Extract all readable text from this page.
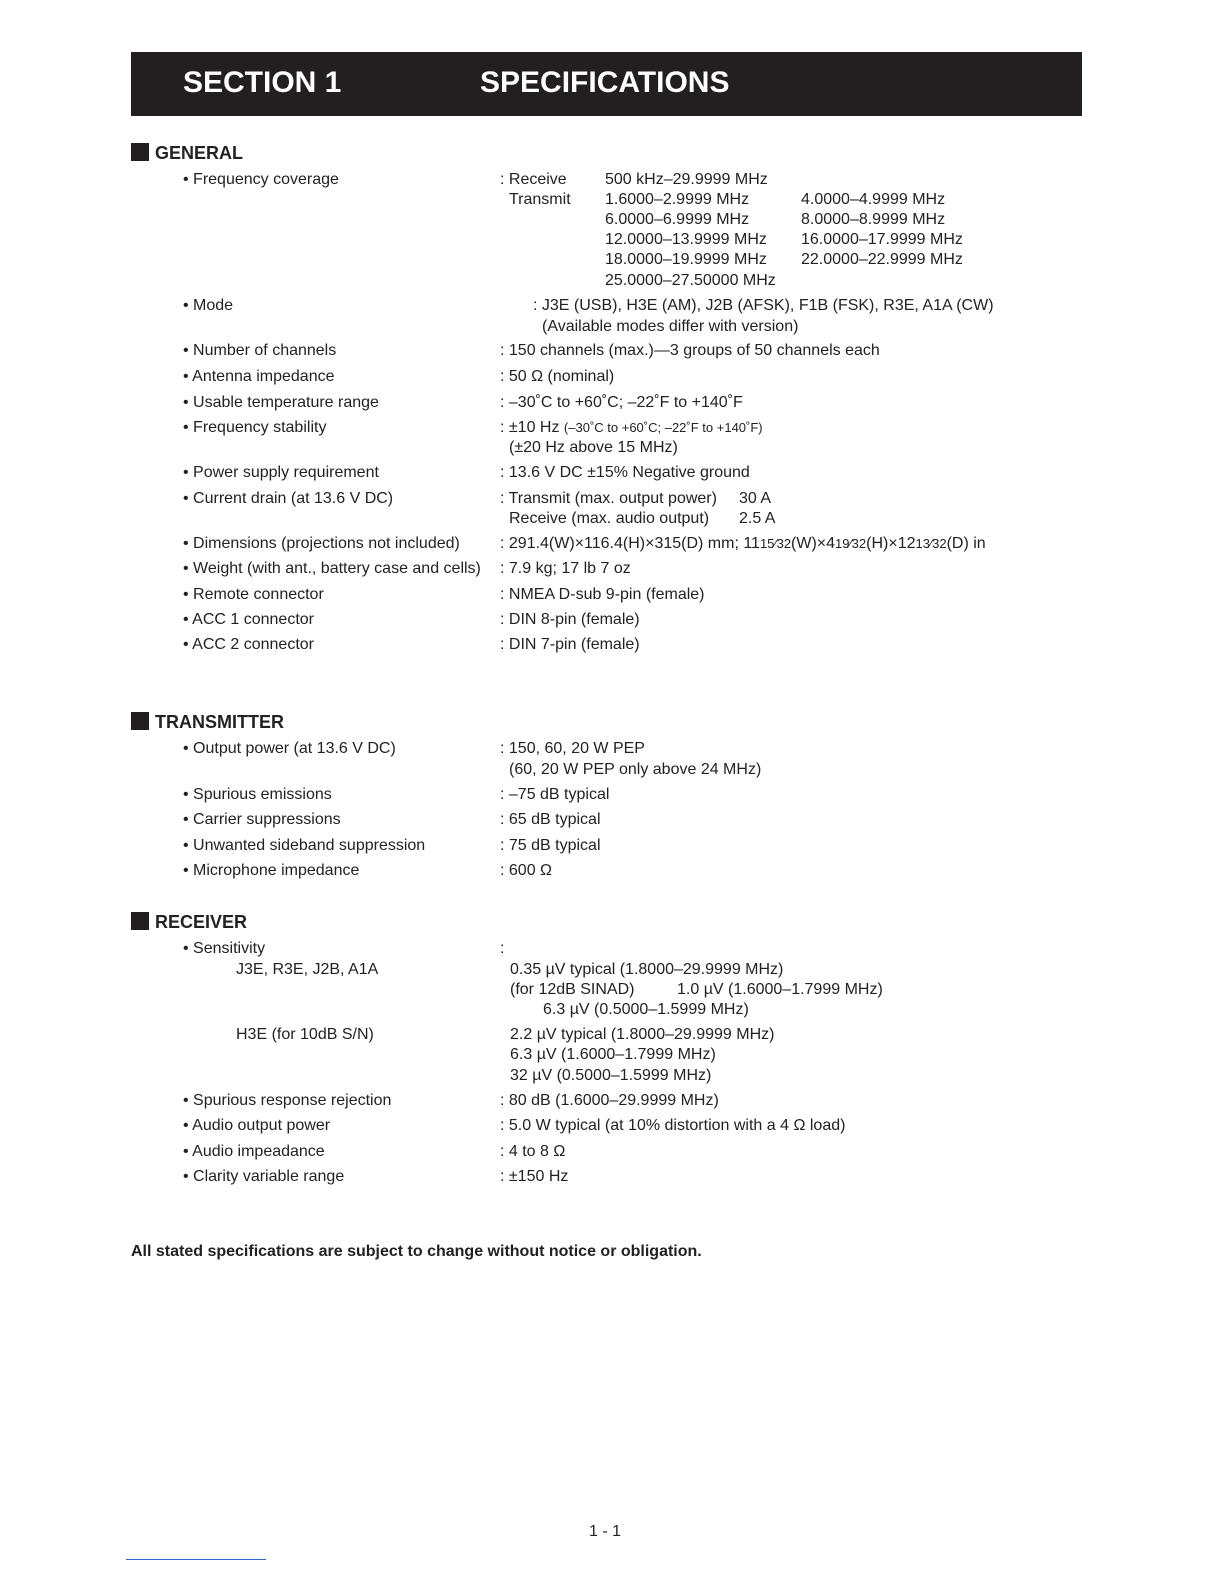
SECTION 1	SPECIFICATIONS
GENERAL
• Frequency coverage	: Receive 500 kHz–29.9999 MHz
Transmit 1.6000–2.9999 MHz	4.0000–4.9999 MHz
6.0000–6.9999 MHz	8.0000–8.9999 MHz
12.0000–13.9999 MHz 16.0000–17.9999 MHz
18.0000–19.9999 MHz 22.0000–22.9999 MHz
25.0000–27.50000 MHz
• Mode	: J3E (USB), H3E (AM), J2B (AFSK), F1B (FSK), R3E, A1A (CW)
(Available modes differ with version)
• Number of channels	: 150 channels (max.)—3 groups of 50 channels each
• Antenna impedance	: 50 Ω (nominal)
• Usable temperature range	: –30˚C to +60˚C; –22˚F to +140˚F
• Frequency stability	: ±10 Hz (–30˚C to +60˚C; –22˚F to +140˚F)
(±20 Hz above 15 MHz)
• Power supply requirement	: 13.6 V DC ±15% Negative ground
• Current drain (at 13.6 V DC)	: Transmit (max. output power) 30 A
Receive (max. audio output) 2.5 A
• Dimensions (projections not included)	: 291.4(W)×116.4(H)×315(D) mm; 1115⁄32(W)×419⁄32(H)×1213⁄32(D) in
• Weight (with ant., battery case and cells) : 7.9 kg; 17 lb 7 oz
• Remote connector	: NMEA D-sub 9-pin (female)
• ACC 1 connector	: DIN 8-pin (female)
• ACC 2 connector	: DIN 7-pin (female)
TRANSMITTER
• Output power (at 13.6 V DC)	: 150, 60, 20 W PEP
(60, 20 W PEP only above 24 MHz)
• Spurious emissions	: –75 dB typical
• Carrier suppressions	: 65 dB typical
• Unwanted sideband suppression	: 75 dB typical
• Microphone impedance	: 600 Ω
RECEIVER
• Sensitivity	:
J3E, R3E, J2B, A1A	0.35 µV typical (1.8000–29.9999 MHz)
(for 12dB SINAD)	1.0 µV (1.6000–1.7999 MHz)
6.3 µV (0.5000–1.5999 MHz)
H3E (for 10dB S/N)	2.2 µV typical (1.8000–29.9999 MHz)
6.3 µV (1.6000–1.7999 MHz)
32 µV (0.5000–1.5999 MHz)
• Spurious response rejection	: 80 dB (1.6000–29.9999 MHz)
• Audio output power	: 5.0 W typical (at 10% distortion with a 4 Ω load)
• Audio impeadance	: 4 to 8 Ω
• Clarity variable range	: ±150 Hz
All stated specifications are subject to change without notice or obligation.
1 - 1
